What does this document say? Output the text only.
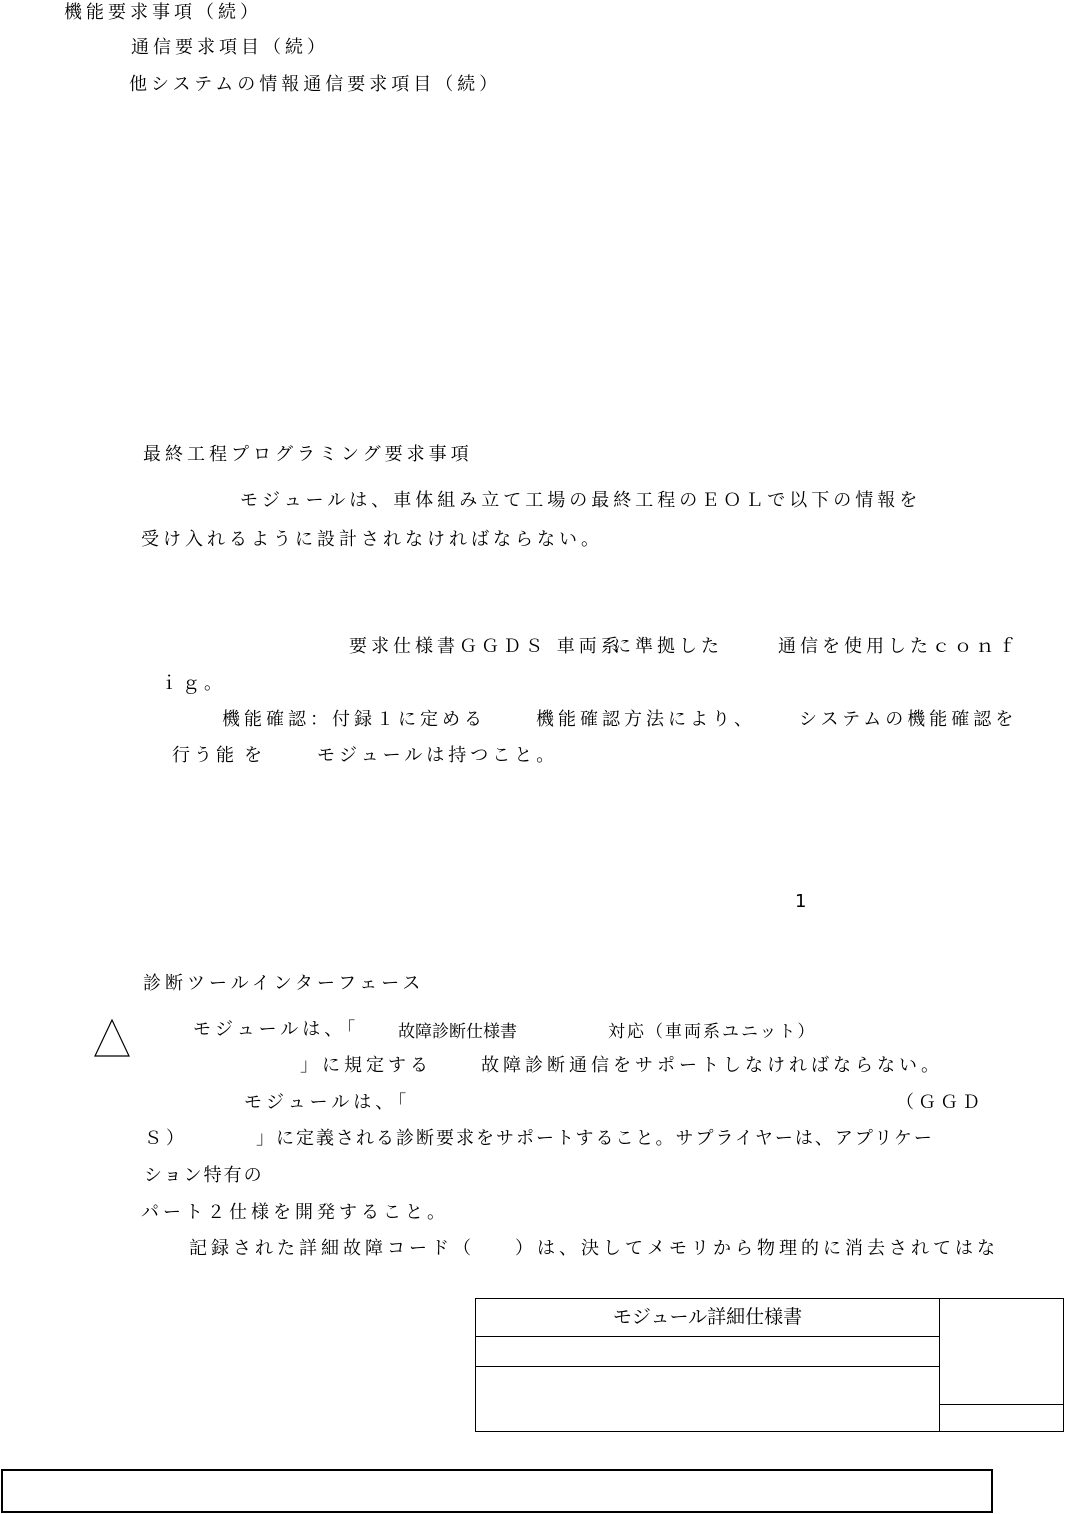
機能要求事項（続）
通信要求項目（続）
他システムの情報通信要求項目（続）
最終工程プログラミング要求事項
モジュールは、車体組み立て工場の最終工程のＥＯＬで以下の情報を
受け入れるように設計されなければならない。
要求仕様書ＧＧＤＳ 車両系
に準拠した	通信を使用したｃｏｎｆ
ｉｇ。
機能確認：付録１に定める	機能確認方法により、 システムの機能確認を
行う能 を	モジュールは持つこと。
1
診断ツールインターフェース
モジュールは、「 故障診断仕様書	対応（車両系ユニット）
」に規定する	故障診断通信をサポートしなければならない。
モジュールは、「	（ＧＧＤ
Ｓ）	」に定義される診断要求をサポートすること。サプライヤーは、アプリケー
ション特有の
パート２仕様を開発すること。
記録された詳細故障コード（ ）は、決してメモリから物理的に消去されてはな
モジュール詳細仕様書
